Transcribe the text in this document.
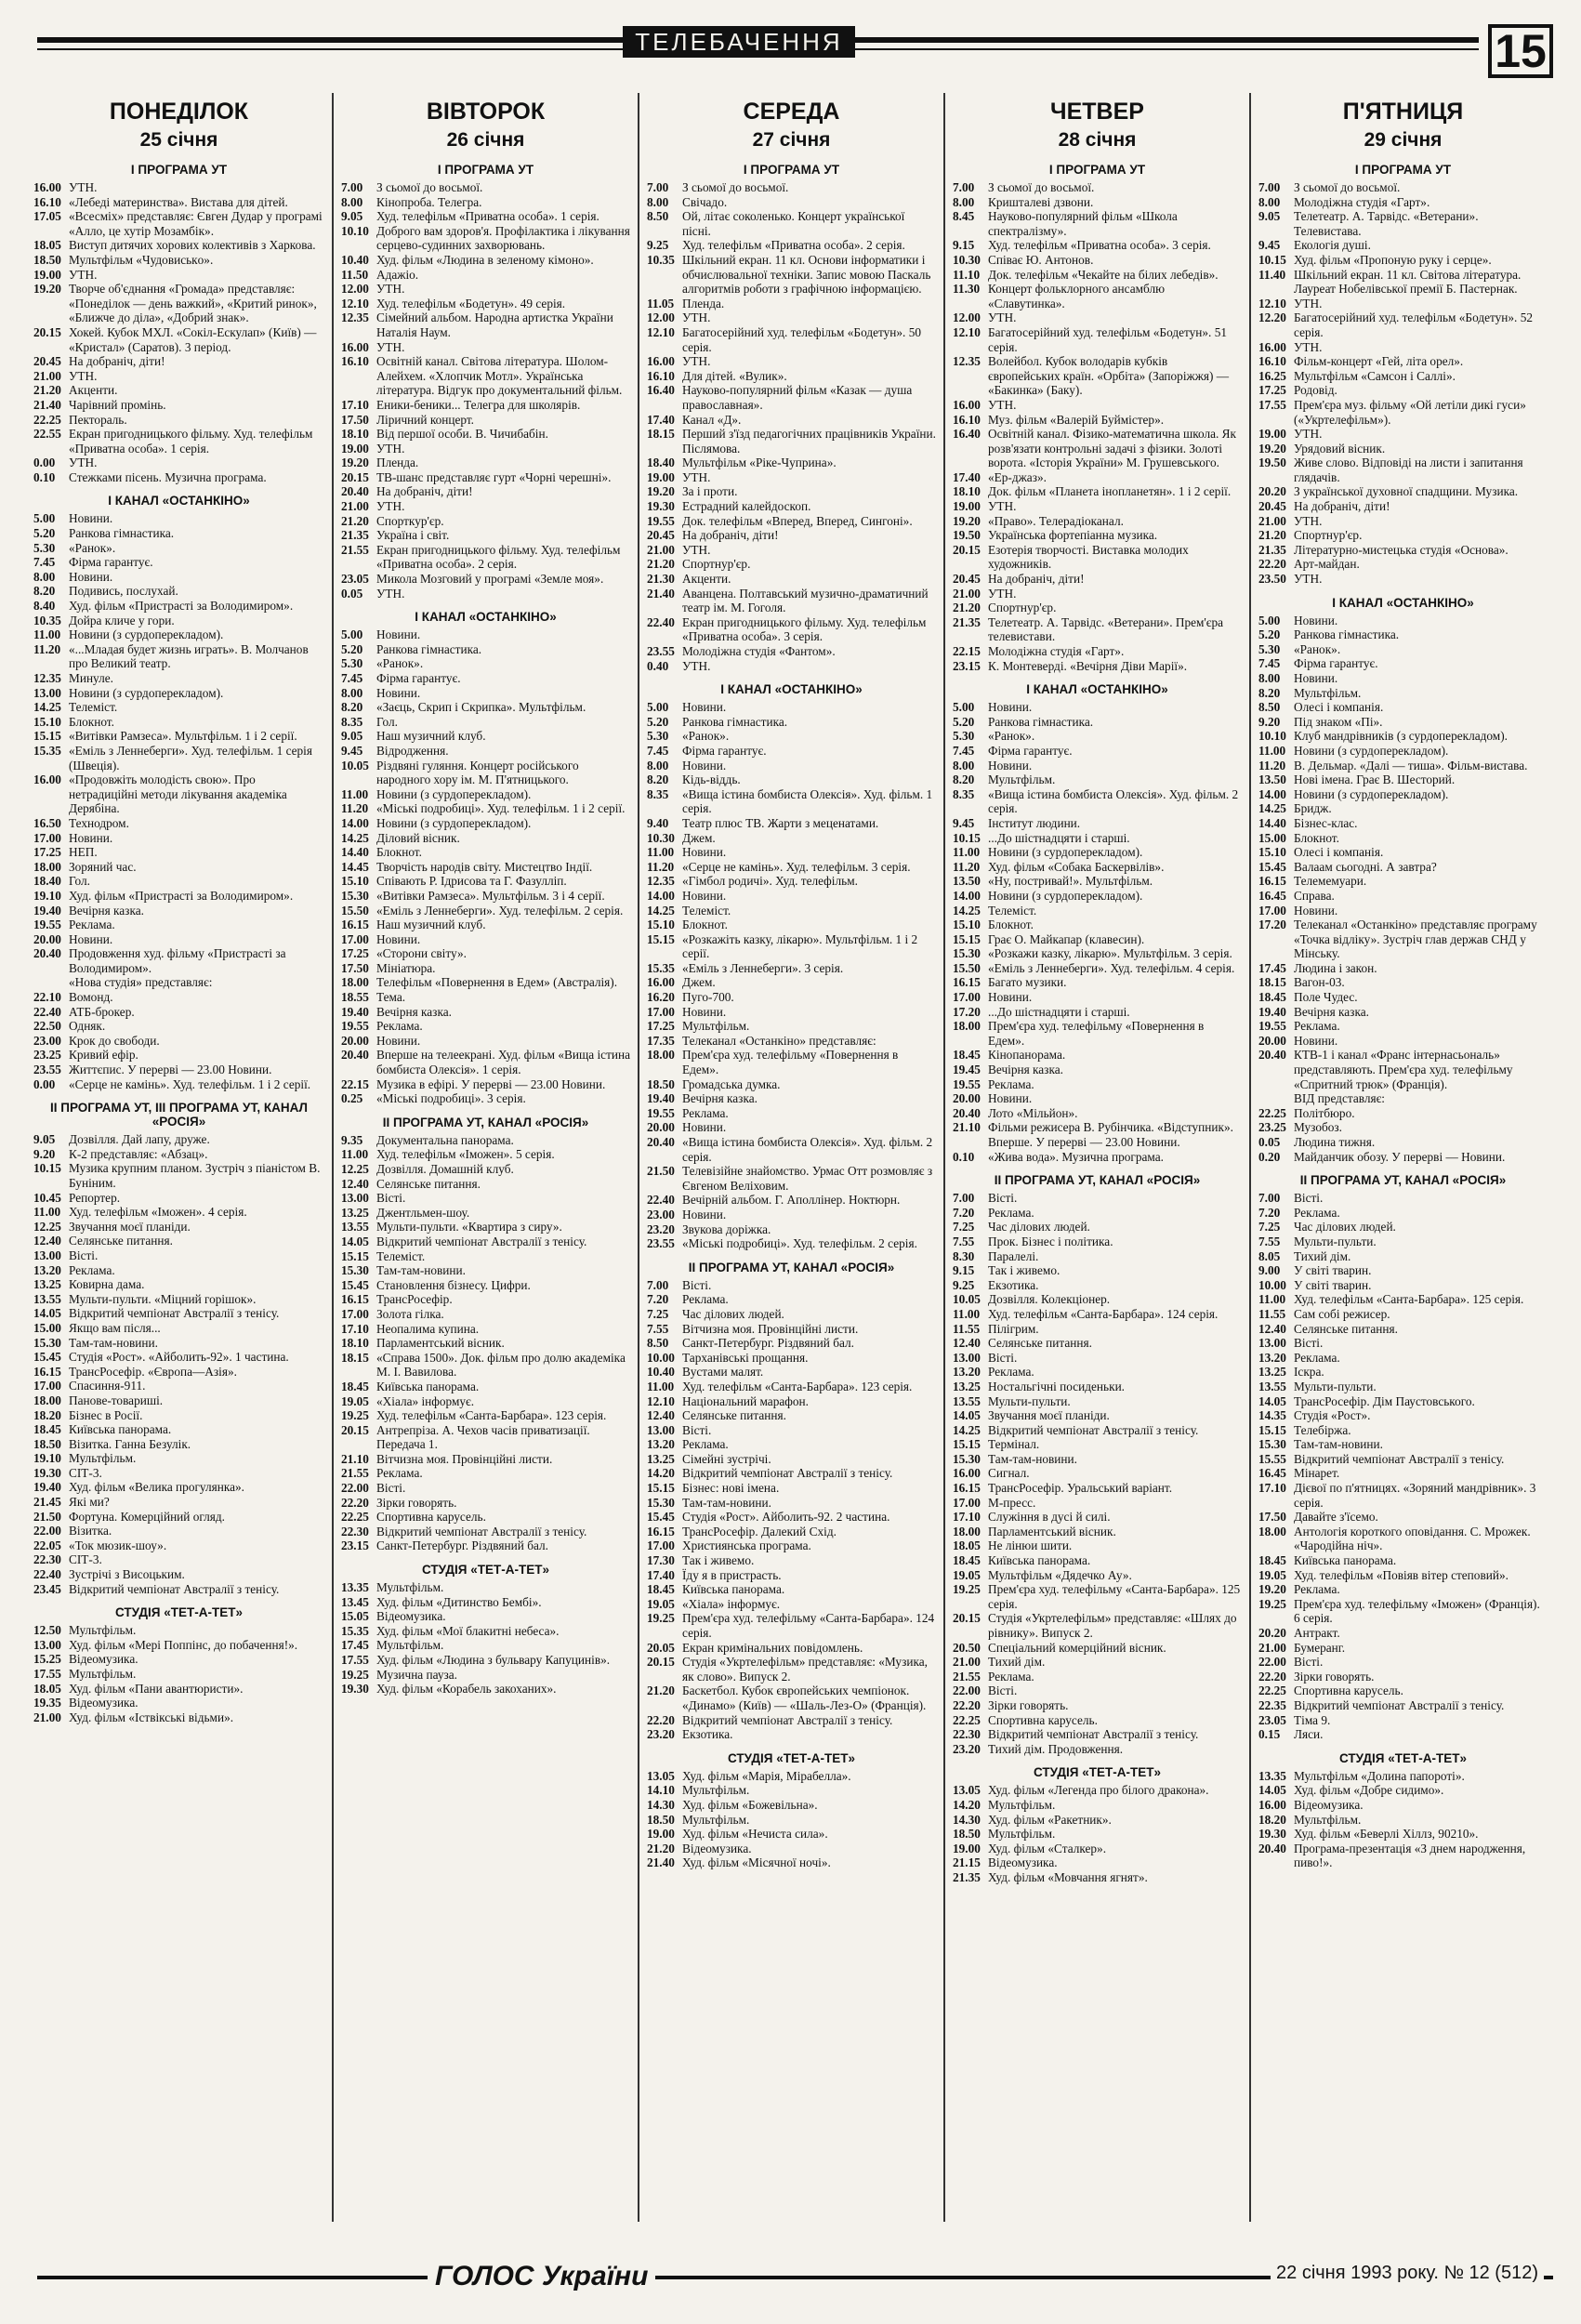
ТЕЛЕБАЧЕННЯ	15
ПОНЕДІЛОК
25 січня
І ПРОГРАМА УТ
16.00 УТН.
16.10 «Лебеді материнства». Виставa для дітей.
17.05 «Всесміх» представляє: Євген Дудар у програмі «Алло, це хутір Мозамбік».
18.05 Виступ дитячих хорових колективів з Харкова.
18.50 Мультфільм «Чудовиськo».
19.00 УТН.
19.20 Творче об'єднання «Громада» представляє: «Понеділок — день важкий», «Критий ринок», «Ближче до діла», «Добрий знак».
20.15 Хокей. Кубок МХЛ. «Сокіл-Ескулап» (Київ) — «Кристал» (Саратов). 3 період.
20.45 На добраніч, діти!
21.00 УТН.
21.20 Акценти.
21.40 Чарівний промінь.
22.25 Пекторaль.
22.55 Екран пригодницького фільму. Худ. телефільм «Приватна особа». 1 серія.
0.00	УТН.
0.10	Стежками пісень. Музична програма.
І КАНАЛ «ОСТАНКІНО»
5.00	Новини.
5.20	Ранкова гімнастика.
5.30	«Ранок».
7.45	Фірма гарантує.
8.00	Новини.
8.20	Подивись, послухай.
8.40	Худ. фільм «Пристрасті за Володимиром».
10.35 Дойра кличе у гори.
11.00 Новини (з сурдоперекладом).
11.20 «...Младая будет жизнь играть». В. Молчанов про Великий театр.
12.35 Минуле.
13.00 Новини (з сурдоперекладом).
14.25 Телеміст.
15.10 Блокнот.
15.15 «Витівки Рамзеса». Мультфільм. 1 і 2 серії.
15.35 «Еміль з Леннеберги». Худ. телефільм. 1 серія (Швеція).
16.00 «Продовжіть молодість свою». Про нетрадиційні методи лікування академіка Дерябіна.
16.50 Технодром.
17.00 Новини.
17.25 НЕП.
18.00 Зоряний час.
18.40 Гол.
19.10 Худ. фільм «Пристрасті за Володимиром».
19.40 Вечірня казка.
19.55 Реклама.
20.00 Новини.
20.40 Продовження худ. фільму «Пристрасті за Володимиром».
«Нова студія» представляє:
22.10 Вомонд.
22.40 АТБ-брокер.
22.50 Одняк.
23.00 Крок до свободи.
23.25 Кривий ефір.
23.55 Життєпис. У перерві — 23.00 Новини.
0.00	«Серце не камінь». Худ. телефільм. 1 і 2 серії.
ІІ ПРОГРАМА УТ, ІІІ ПРОГРАМА УТ, КАНАЛ «РОСІЯ»
9.05	Дозвілля. Дай лапу, друже.
9.20	К-2 представляє: «Абзац».
10.15 Музика крупним планом. Зустріч з піаністом В. Буніним.
10.45 Репортер.
11.00 Худ. телефільм «Іможен». 4 серія.
12.25 Звучання моєї планіди.
12.40 Селянське питання.
13.00 Вісті.
13.20 Реклама.
13.25 Ковирна дама.
13.55 Мульти-пульти. «Міцний горішок».
14.05 Відкритий чемпіонат Австралії з тенісу.
15.00 Якщо вам після...
15.30 Там-там-новини.
15.45 Студія «Рост». «Айболить-92». 1 частина.
16.15 ТрансРосефір. «Європа—Азія».
17.00 Спасиння-911.
18.00 Панове-товариші.
18.20 Бізнес в Росії.
18.45 Київська панорама.
18.50 Візитка. Ганна Безулік.
19.10 Мультфільм.
19.30 СІТ-3.
19.40 Худ. фільм «Велика прогулянка».
21.45 Які ми?
21.50 Фортуна. Комерційний огляд.
22.00 Візитка.
22.05 «Ток мюзик-шоу».
22.30 СІТ-3.
22.40 Зустрічі з Висоцьким.
23.45 Відкритий чемпіонат Австралії з тенісу.
СТУДІЯ «ТЕТ-А-ТЕТ»
12.50 Мультфільм.
13.00 Худ. фільм «Мері Поппінс, до побачення!».
15.25 Відеомузика.
17.55 Мультфільм.
18.05 Худ. фільм «Пани авантюристи».
19.35 Відеомузика.
21.00 Худ. фільм «Іствікські відьми».
ВІВТОРОК
26 січня
І ПРОГРАМА УТ
7.00	З сьомої до восьмої.
8.00	Кінопроба. Телегра.
9.05	Худ. телефільм «Приватна особа». 1 серія.
10.10 Доброго вам здоров'я. Профілактика і лікування серцево-судинних захворювань.
10.40 Худ. фільм «Людина в зеленому кімоно».
11.50 Адажіо.
12.00 УТН.
12.10 Худ. телефільм «Бодетун». 49 серія.
12.35 Сімейний альбом. Народна артистка України Наталія Наум.
16.00 УТН.
16.10 Освітній канал. Світова література. Шолом-Алейхем. «Хлопчик Мотл». Українська література. Відгук про документальний фільм.
17.10 Еники-беники... Телегра для школярів.
17.50 Ліричний концерт.
18.10 Від першої особи. В. Чичибабін.
19.00 УТН.
19.20 Пленда.
20.15 ТВ-шанс представляє гурт «Чорні черешні».
20.40 На добраніч, діти!
21.00 УТН.
21.20 Спорткур'єр.
21.35 Україна і світ.
21.55 Екран пригодницького фільму. Худ. телефільм «Приватна особа». 2 серія.
23.05 Микола Мозговий у програмі «Земле моя».
0.05	УТН.
І КАНАЛ «ОСТАНКІНО»
5.00	Новини.
5.20	Ранкова гімнастика.
5.30	«Ранок».
7.45	Фірма гарантує.
8.00	Новини.
8.20	«Заєць, Скрип і Скрипка». Мультфільм.
8.35	Гол.
9.05	Наш музичний клуб.
9.45	Відродження.
10.05 Різдвяні гуляння. Концерт російського народного хору ім. М. П'ятницького.
11.00 Новини (з сурдоперекладом).
11.20 «Міські подробиці». Худ. телефільм. 1 і 2 серії.
14.00 Новини (з сурдоперекладом).
14.25 Діловий вісник.
14.40 Блокнот.
14.45 Творчість народів світу. Мистецтво Індії.
15.10 Співають Р. Ідрисова та Г. Фазулліп.
15.30 «Витівки Рамзеса». Мультфільм. 3 і 4 серії.
15.50 «Еміль з Леннеберги». Худ. телефільм. 2 серія.
16.15 Наш музичний клуб.
17.00 Новини.
17.25 «Сторони світу».
17.50 Мініатюра.
18.00 Телефільм «Повернення в Едем» (Австралія).
18.55 Тема.
19.40 Вечірня казка.
19.55 Реклама.
20.00 Новини.
20.40 Вперше на телеекрані. Худ. фільм «Вища істина бомбиста Олексія». 1 серія.
22.15 Музика в ефірі. У перерві — 23.00 Новини.
0.25	«Міські подробиці». 3 серія.
ІІ ПРОГРАМА УТ, КАНАЛ «РОСІЯ»
9.35	Документальна панорама.
11.00 Худ. телефільм «Іможен». 5 серія.
12.25 Дозвілля. Домашній клуб.
12.40 Селянське питання.
13.00 Вісті.
13.25 Джентльмен-шоу.
13.55 Мульти-пульти. «Квартира з сиру».
14.05 Відкритий чемпіонат Австралії з тенісу.
15.15 Телеміст.
15.30 Там-там-новини.
15.45 Становлення бізнесу. Цифри.
16.15 ТрансРосефір.
17.00 Золота гілка.
17.10 Неопалима купина.
18.10 Парламентський вісник.
18.15 «Справа 1500». Док. фільм про долю академіка М. І. Вавилова.
18.45 Київська панорама.
19.05 «Хіала» інформує.
19.25 Худ. телефільм «Санта-Барбара». 123 серія.
20.15 Антрепріза. А. Чехов часів приватизації. Передача 1.
21.10 Вітчизна моя. Провінційні листи.
21.55 Реклама.
22.00 Вісті.
22.20 Зірки говорять.
22.25 Спортивна карусель.
22.30 Відкритий чемпіонат Австралії з тенісу.
23.15 Санкт-Петербург. Різдвяний бал.
СТУДІЯ «ТЕТ-А-ТЕТ»
13.35 Мультфільм.
13.45 Худ. фільм «Дитинство Бембі».
15.05 Відеомузика.
15.35 Худ. фільм «Мої блакитні небеса».
17.45 Мультфільм.
17.55 Худ. фільм «Людина з бульвару Капуцинів».
19.25 Музична пауза.
19.30 Худ. фільм «Корабель закоханих».
СЕРЕДА
27 січня
І ПРОГРАМА УТ
7.00	З сьомої до восьмої.
8.00	Свічадо.
8.50	Ой, літає соколенько. Концерт української пісні.
9.25	Худ. телефільм «Приватна особа». 2 серія.
10.35 Шкільний екран. 11 кл. Основи інформатики і обчислювальної техніки. Запис мовою Паскаль алгоритмів роботи з графічною інформацією.
11.05 Пленда.
12.00 УТН.
12.10 Багатосерійний худ. телефільм «Бодетун». 50 серія.
16.00 УТН.
16.10 Для дітей. «Вулик».
16.40 Науково-популярний фільм «Казак — душа православная».
17.40 Канал «Д».
18.15 Перший з'їзд педагогічних працівників України. Післямова.
18.40 Мультфільм «Ріке-Чуприна».
19.00 УТН.
19.20 За і проти.
19.30 Естрадний калейдоскоп.
19.55 Док. телефільм «Вперед, Вперед, Сингоні».
20.45 На добраніч, діти!
21.00 УТН.
21.20 Спортнур'єр.
21.30 Акценти.
21.40 Аванцена. Полтавський музично-драматичний театр ім. М. Гоголя.
22.40 Екран пригодницького фільму. Худ. телефільм «Приватна особа». 3 серія.
23.55 Молодіжна студія «Фантом».
0.40	УТН.
І КАНАЛ «ОСТАНКІНО»
5.00	Новини.
5.20	Ранкова гімнастика.
5.30	«Ранок».
7.45	Фірма гарантує.
8.00	Новини.
8.20	Кідь-віддь.
8.35	«Вища істина бомбиста Олексія». Худ. фільм. 1 серія.
9.40	Театр плюс ТВ. Жарти з меценатами.
10.30 Джем.
11.00 Новини.
11.20 «Серце не камінь». Худ. телефільм. 3 серія.
12.35 «Гімбол родичі». Худ. телефільм.
14.00 Новини.
14.25 Телеміст.
15.10 Блокнот.
15.15 «Розкажіть казку, лікарю». Мультфільм. 1 і 2 серії.
15.35 «Еміль з Леннеберги». 3 серія.
16.00 Джем.
16.20 Пуго-700.
17.00 Новини.
17.25 Мультфільм.
17.35 Телеканал «Останкіно» представляє:
18.00 Прем'єра худ. телефільму «Повернення в Едем».
18.50 Громадська думка.
19.40 Вечірня казка.
19.55 Реклама.
20.00 Новини.
20.40 «Вища істина бомбиста Олексія». Худ. фільм. 2 серія.
21.50 Телевізійне знайомство. Урмас Отт розмовляє з Євгеном Веліховим.
22.40 Вечірній альбом. Г. Аполлінер. Ноктюрн.
23.00 Новини.
23.20 Звукова доріжка.
23.55 «Міські подробиці». Худ. телефільм. 2 серія.
ІІ ПРОГРАМА УТ, КАНАЛ «РОСІЯ»
7.00	Вісті.
7.20	Реклама.
7.25	Час ділових людей.
7.55	Вітчизна моя. Провінційні листи.
8.50	Санкт-Петербург. Різдвяний бал.
10.00 Тарханівські прощання.
10.40 Вустами малят.
11.00 Худ. телефільм «Санта-Барбара». 123 серія.
12.10 Національний марафон.
12.40 Селянське питання.
13.00 Вісті.
13.20 Реклама.
13.25 Сімейні зустрічі.
14.20 Відкритий чемпіонат Австралії з тенісу.
15.15 Бізнес: нові імена.
15.30 Там-там-новини.
15.45 Студія «Рост». Айболить-92. 2 частина.
16.15 ТрансРосефір. Далекий Схід.
17.00 Християнська програма.
17.30 Так і живемо.
17.40 Їду я в пристрасть.
18.45 Київська панорама.
19.05 «Хіала» інформує.
19.25 Прем'єра худ. телефільму «Санта-Барбара». 124 серія.
20.05 Екран кримінальних повідомлень.
20.15 Студія «Укртелефільм» представляє: «Музика, як слово». Випуск 2.
21.20 Баскетбол. Кубок європейських чемпіонок. «Динамо» (Київ) — «Шаль-Лез-О» (Франція).
22.20 Відкритий чемпіонат Австралії з тенісу.
23.20 Екзотика.
СТУДІЯ «ТЕТ-А-ТЕТ»
13.05 Худ. фільм «Марія, Мірабелла».
14.10 Мультфільм.
14.30 Худ. фільм «Божевільна».
18.50 Мультфільм.
19.00 Худ. фільм «Нечиста сила».
21.20 Відеомузика.
21.40 Худ. фільм «Місячної ночі».
ЧЕТВЕР
28 січня
І ПРОГРАМА УТ
7.00	З сьомої до восьмої.
8.00	Кришталеві дзвони.
8.45	Науково-популярний фільм «Школа спектралізму».
9.15	Худ. телефільм «Приватна особа». 3 серія.
10.30 Співає Ю. Антонов.
11.10 Док. телефільм «Чекайте на білих лебедів».
11.30 Концерт фольклорного ансамблю «Славутинка».
12.00 УТН.
12.10 Багатосерійний худ. телефільм «Бодетун». 51 серія.
12.35 Волейбол. Кубок володарів кубків європейських країн. «Орбіта» (Запоріжжя) — «Бакинка» (Баку).
16.00 УТН.
16.10 Муз. фільм «Валерій Буймістер».
16.40 Освітній канал. Фізико-математична школа. Як розв'язати контрольні задачі з фізики. Золоті ворота. «Історія України» М. Грушевського.
17.40 «Ер-джаз».
18.10 Док. фільм «Планета інопланетян». 1 і 2 серії.
19.00 УТН.
19.20 «Право». Телерадіоканал.
19.50 Українська фортепіанна музика.
20.15 Езотерія творчості. Виставка молодих художників.
20.45 На добраніч, діти!
21.00 УТН.
21.20 Спортнур'єр.
21.35 Телетеатр. А. Тарвідс. «Ветерани». Прем'єра телевистави.
22.15 Молодіжна студія «Гарт».
23.15 К. Монтеверді. «Вечірня Діви Марії».
І КАНАЛ «ОСТАНКІНО»
5.00	Новини.
5.20	Ранкова гімнастика.
5.30	«Ранок».
7.45	Фірма гарантує.
8.00	Новини.
8.20	Мультфільм.
8.35	«Вища істина бомбиста Олексія». Худ. фільм. 2 серія.
9.45	Інститут людини.
10.15 ...До шістнадцяти і старші.
11.00 Новини (з сурдоперекладом).
11.20 Худ. фільм «Собака Баскервілів».
13.50 «Ну, постривай!». Мультфільм.
14.00 Новини (з сурдоперекладом).
14.25 Телеміст.
15.10 Блокнот.
15.15 Грає О. Майкапар (клавесин).
15.30 «Розкажи казку, лікарю». Мультфільм. 3 серія.
15.50 «Еміль з Леннеберги». Худ. телефільм. 4 серія.
16.15 Багато музики.
17.00 Новини.
17.20 ...До шістнадцяти і старші.
18.00 Прем'єра худ. телефільму «Повернення в Едем».
18.45 Кінопанорама.
19.45 Вечірня казка.
19.55 Реклама.
20.00 Новини.
20.40 Лото «Мільйон».
21.10 Фільми режисера В. Рубінчика. «Відступник». Вперше. У перерві — 23.00 Новини.
0.10	«Жива вода». Музична програма.
ІІ ПРОГРАМА УТ, КАНАЛ «РОСІЯ»
7.00	Вісті.
7.20	Реклама.
7.25	Час ділових людей.
7.55	Прок. Бізнес і політика.
8.30	Паралелі.
9.15	Так і живемо.
9.25	Екзотика.
10.05 Дозвілля. Колекціонер.
11.00 Худ. телефільм «Санта-Барбара». 124 серія.
11.55 Пілігрим.
12.40 Селянське питання.
13.00 Вісті.
13.20 Реклама.
13.25 Ностальгічні посиденьки.
13.55 Мульти-пульти.
14.05 Звучання моєї планіди.
14.25 Відкритий чемпіонат Австралії з тенісу.
15.15 Термінал.
15.30 Там-там-новини.
16.00 Сигнал.
16.15 ТрансРосефір. Уральський варіант.
17.00 М-пресс.
17.10 Служіння в дусі й силі.
18.00 Парламентський вісник.
18.05 Не лінюи шити.
18.45 Київська панорама.
19.05 Мультфільм «Дядечко Ау».
19.25 Прем'єра худ. телефільму «Санта-Барбара». 125 серія.
20.15 Студія «Укртелефільм» представляє: «Шлях до рівнику». Випуск 2.
20.50 Спеціальний комерційний вісник.
21.00 Тихий дім.
21.55 Реклама.
22.00 Вісті.
22.20 Зірки говорять.
22.25 Спортивна карусель.
22.30 Відкритий чемпіонат Австралії з тенісу.
23.20 Тихий дім. Продовження.
СТУДІЯ «ТЕТ-А-ТЕТ»
13.05 Худ. фільм «Легенда про білого дракона».
14.20 Мультфільм.
14.30 Худ. фільм «Ракетник».
18.50 Мультфільм.
19.00 Худ. фільм «Сталкер».
21.15 Відеомузика.
21.35 Худ. фільм «Мовчання ягнят».
П'ЯТНИЦЯ
29 січня
І ПРОГРАМА УТ
7.00	З сьомої до восьмої.
8.00	Молодіжна студія «Гарт».
9.05	Телетеатр. А. Тарвідс. «Ветерани». Телевистава.
9.45	Екологія душі.
10.15 Худ. фільм «Пропоную руку і серце».
11.40 Шкільний екран. 11 кл. Світова література. Лауреат Нобелівської премії Б. Пастернак.
12.10 УТН.
12.20 Багатосерійний худ. телефільм «Бодетун». 52 серія.
16.00 УТН.
16.10 Фільм-концерт «Гей, літа орел».
16.25 Мультфільм «Самсон і Саллі».
17.25 Родовід.
17.55 Прем'єра муз. фільму «Ой летіли дикі гуси» («Укртелефільм»).
19.00 УТН.
19.20 Урядовий вісник.
19.50 Живе слово. Відповіді на листи і запитання глядачів.
20.20 З української духовної спадщини. Музика.
20.45 На добраніч, діти!
21.00 УТН.
21.20 Спортнур'єр.
21.35 Літературно-мистецька студія «Основа».
22.20 Арт-майдан.
23.50 УТН.
І КАНАЛ «ОСТАНКІНО»
5.00	Новини.
5.20	Ранкова гімнастика.
5.30	«Ранок».
7.45	Фірма гарантує.
8.00	Новини.
8.20	Мультфільм.
8.50	Олесі і компанія.
9.20	Під знаком «Пі».
10.10 Клуб мандрівників (з сурдоперекладом).
11.00 Новини (з сурдоперекладом).
11.20 В. Дельмар. «Далі — тиша». Фільм-вистава.
13.50 Нові імена. Грає В. Шесторий.
14.00 Новини (з сурдоперекладом).
14.25 Бридж.
14.40 Бізнес-клас.
15.00 Блокнот.
15.10 Олесі і компанія.
15.45 Валаам сьогодні. А завтра?
16.15 Телемемуари.
16.45 Справа.
17.00 Новини.
17.20 Телеканал «Останкіно» представляє програму «Точка відліку». Зустріч глав держав СНД у Мінську.
17.45 Людина і закон.
18.15 Вагон-03.
18.45 Поле Чудес.
19.40 Вечірня казка.
19.55 Реклама.
20.00 Новини.
20.40 КТВ-1 і канал «Франс інтернасьональ» представляють. Прем'єра худ. телефільму «Спритний трюк» (Франція).
ВІД представляє:
22.25 Політбюро.
23.25 Музобоз.
0.05	Людина тижня.
0.20	Майданчик обозу. У перерві — Новини.
ІІ ПРОГРАМА УТ, КАНАЛ «РОСІЯ»
7.00	Вісті.
7.20	Реклама.
7.25	Час ділових людей.
7.55	Мульти-пульти.
8.05	Тихий дім.
9.00	У світі тварин.
10.00 У світі тварин.
11.00 Худ. телефільм «Санта-Барбара». 125 серія.
11.55 Сам собі режисер.
12.40 Селянське питання.
13.00 Вісті.
13.20 Реклама.
13.25 Іскра.
13.55 Мульти-пульти.
14.05 ТрансРосефір. Дім Паустовського.
14.35 Студія «Рост».
15.15 Телебіржа.
15.30 Там-там-новини.
15.55 Відкритий чемпіонат Австралії з тенісу.
16.45 Мінарет.
17.10 Дієвої по п'ятницях. «Зоряний мандрівник». 3 серія.
17.50 Давайте з'їсемо.
18.00 Антологія короткого оповідання. С. Мрожек. «Чародійна ніч».
18.45 Київська панорама.
19.05 Худ. телефільм «Повіяв вітер степовий».
19.20 Реклама.
19.25 Прем'єра худ. телефільму «Іможен» (Франція). 6 серія.
20.20 Антракт.
21.00 Бумеранг.
22.00 Вісті.
22.20 Зірки говорять.
22.25 Спортивна карусель.
22.35 Відкритий чемпіонат Австралії з тенісу.
23.05 Тіма 9.
0.15	Ляси.
СТУДІЯ «ТЕТ-А-ТЕТ»
13.35 Мультфільм «Долина папороті».
14.05 Худ. фільм «Добре сидимо».
16.00 Відеомузика.
18.20 Мультфільм.
19.30 Худ. фільм «Беверлі Хіллз, 90210».
20.40 Програма-презентація «З днем народження, пиво!».
ГОЛОС України	22 січня 1993 року. № 12 (512)
